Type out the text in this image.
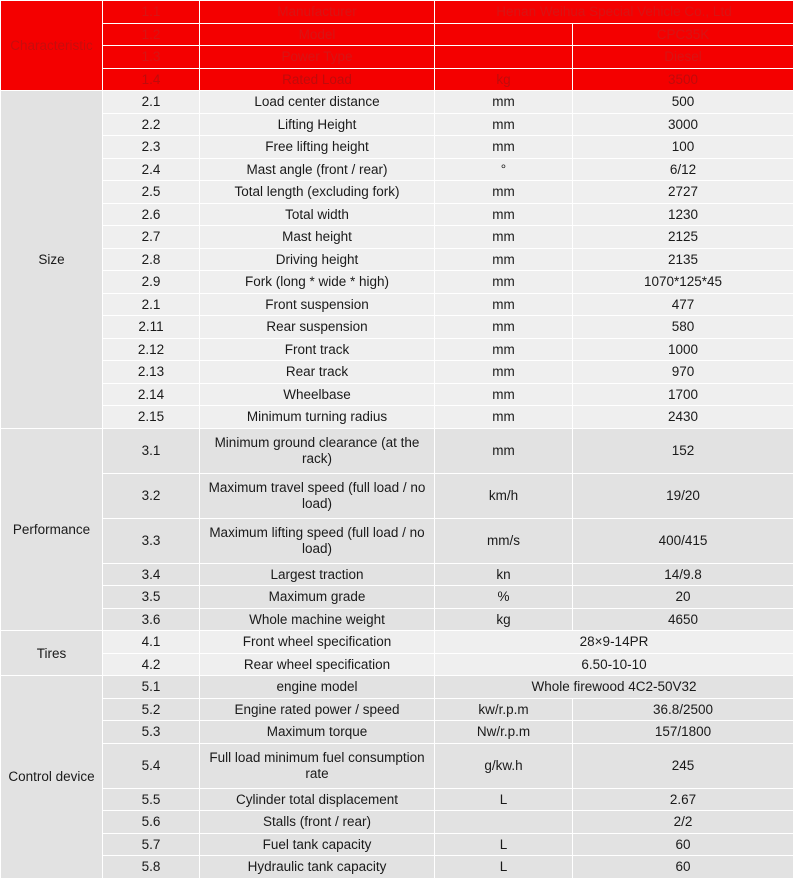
Characteristic	1.1	Manufacturer	Henan Weihua Special Vehicle Co., Ltd	
	1.2	Model		CPC35K
	1.3	Power Type		Diesel
	1.4	Rated Load	kg	3500
Size	2.1	Load center distance	mm	500
	2.2	Lifting Height	mm	3000
	2.3	Free lifting height	mm	100
	2.4	Mast angle (front / rear)	°	6/12
	2.5	Total length (excluding fork)	mm	2727
	2.6	Total width	mm	1230
	2.7	Mast height	mm	2125
	2.8	Driving height	mm	2135
	2.9	Fork (long * wide * high)	mm	1070*125*45
	2.1	Front suspension	mm	477
	2.11	Rear suspension	mm	580
	2.12	Front track	mm	1000
	2.13	Rear track	mm	970
	2.14	Wheelbase	mm	1700
	2.15	Minimum turning radius	mm	2430
Performance	3.1	Minimum ground clearance (at the rack)	mm	152
	3.2	Maximum travel speed (full load / no load)	km/h	19/20
	3.3	Maximum lifting speed (full load / no load)	mm/s	400/415
	3.4	Largest traction	kn	14/9.8
	3.5	Maximum grade	%	20
	3.6	Whole machine weight	kg	4650
Tires	4.1	Front wheel specification	28×9-14PR	
	4.2	Rear wheel specification	6.50-10-10	
Control device	5.1	engine model	Whole firewood 4C2-50V32	
	5.2	Engine rated power / speed	kw/r.p.m	36.8/2500
	5.3	Maximum torque	Nw/r.p.m	157/1800
	5.4	Full load minimum fuel consumption rate	g/kw.h	245
	5.5	Cylinder total displacement	L	2.67
	5.6	Stalls (front / rear)		2/2
	5.7	Fuel tank capacity	L	60
	5.8	Hydraulic tank capacity	L	60
